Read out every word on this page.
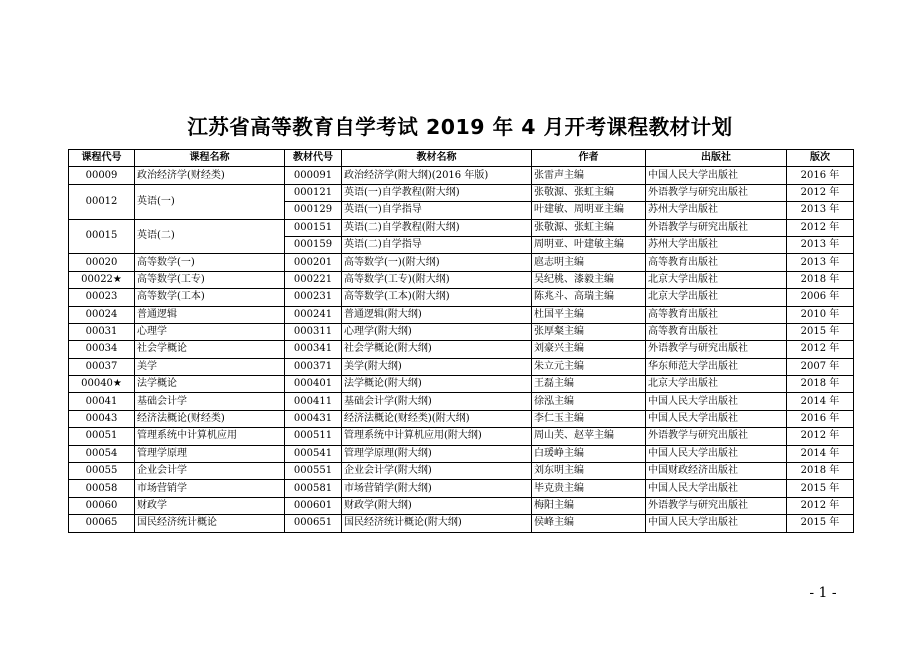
江苏省高等教育自学考试 2019 年 4 月开考课程教材计划
课程代号	课程名称	教材代号	教材名称	作者	出版社	版次
00009	政治经济学(财经类)	000091	政治经济学(附大纲)(2016 年版)	张雷声主编	中国人民大学出版社	2016 年
00012	英语(一)	000121	英语(一)自学教程(附大纲)	张敬源、张虹主编	外语教学与研究出版社	2012 年
		000129	英语(一)自学指导	叶建敏、周明亚主编	苏州大学出版社	2013 年
00015	英语(二)	000151	英语(二)自学教程(附大纲)	张敬源、张虹主编	外语教学与研究出版社	2012 年
		000159	英语(二)自学指导	周明亚、叶建敏主编	苏州大学出版社	2013 年
00020	高等数学(一)	000201	高等数学(一)(附大纲)	扈志明主编	高等教育出版社	2013 年
00022★	高等数学(工专)	000221	高等数学(工专)(附大纲)	吴纪桃、漆毅主编	北京大学出版社	2018 年
00023	高等数学(工本)	000231	高等数学(工本)(附大纲)	陈兆斗、高瑞主编	北京大学出版社	2006 年
00024	普通逻辑	000241	普通逻辑(附大纲)	杜国平主编	高等教育出版社	2010 年
00031	心理学	000311	心理学(附大纲)	张厚粲主编	高等教育出版社	2015 年
00034	社会学概论	000341	社会学概论(附大纲)	刘豪兴主编	外语教学与研究出版社	2012 年
00037	美学	000371	美学(附大纲)	朱立元主编	华东师范大学出版社	2007 年
00040★	法学概论	000401	法学概论(附大纲)	王磊主编	北京大学出版社	2018 年
00041	基础会计学	000411	基础会计学(附大纲)	徐泓主编	中国人民大学出版社	2014 年
00043	经济法概论(财经类)	000431	经济法概论(财经类)(附大纲)	李仁玉主编	中国人民大学出版社	2016 年
00051	管理系统中计算机应用	000511	管理系统中计算机应用(附大纲)	周山芙、赵苹主编	外语教学与研究出版社	2012 年
00054	管理学原理	000541	管理学原理(附大纲)	白瑗峥主编	中国人民大学出版社	2014 年
00055	企业会计学	000551	企业会计学(附大纲)	刘东明主编	中国财政经济出版社	2018 年
00058	市场营销学	000581	市场营销学(附大纲)	毕克贵主编	中国人民大学出版社	2015 年
00060	财政学	000601	财政学(附大纲)	梅阳主编	外语教学与研究出版社	2012 年
00065	国民经济统计概论	000651	国民经济统计概论(附大纲)	侯峰主编	中国人民大学出版社	2015 年
- 1 -
